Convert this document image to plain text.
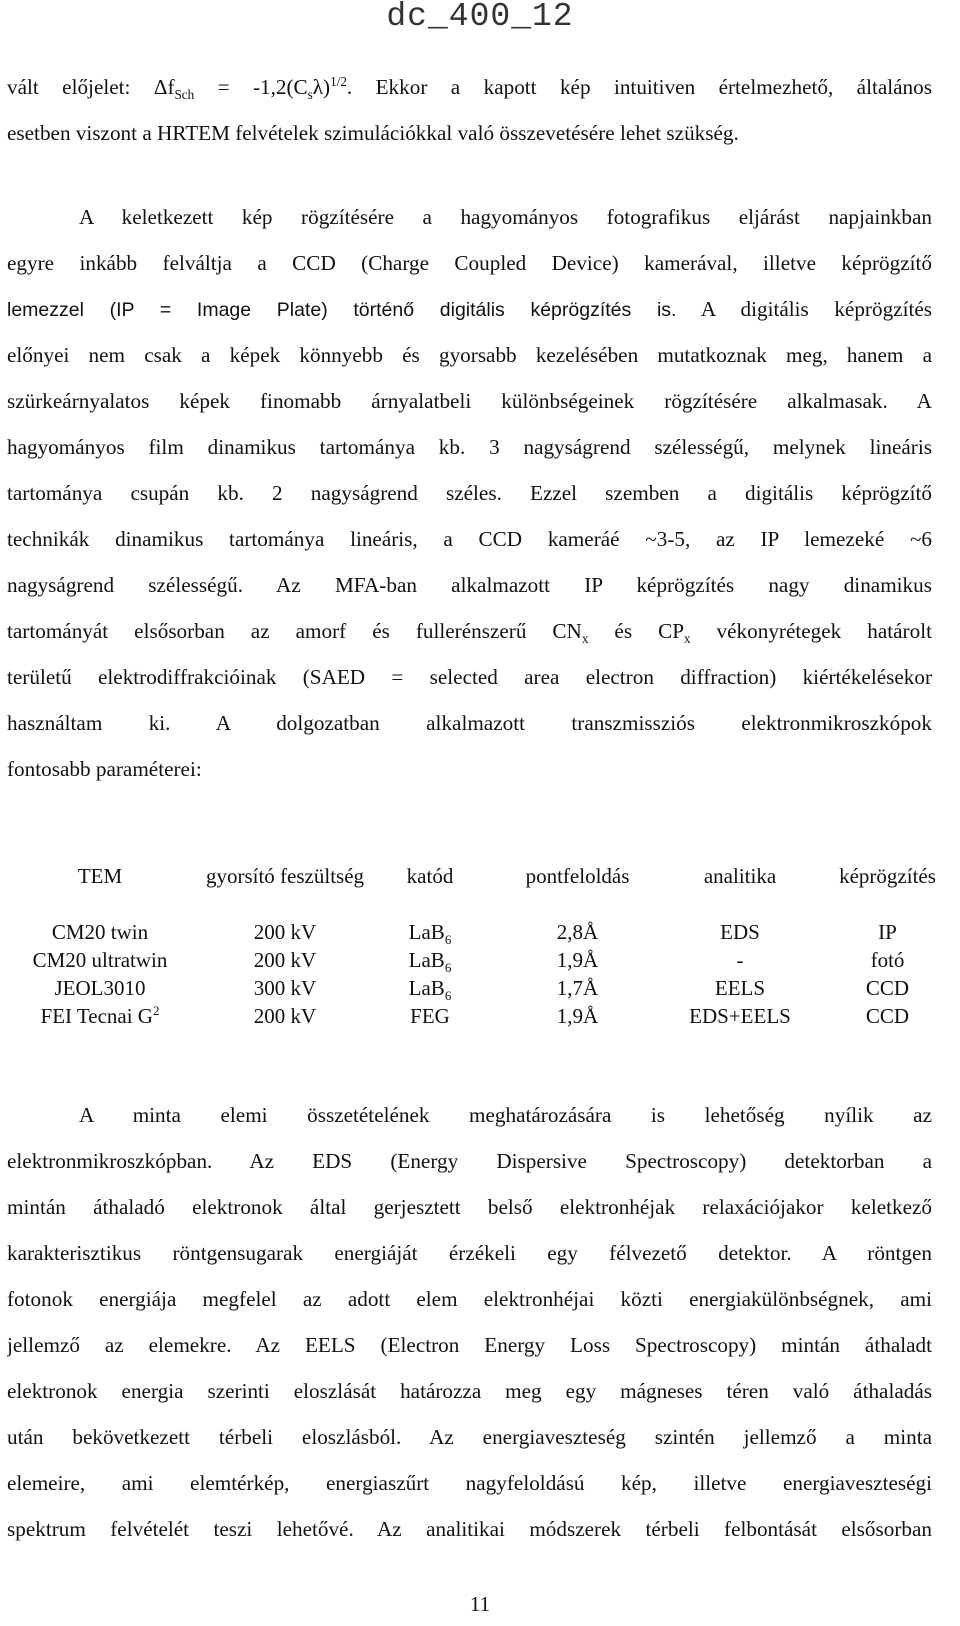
dc_400_12
vált előjelet: $\Delta f_{Sch} = -1,2(C_s\lambda)^{1/2}$. Ekkor a kapott kép intuitiven értelmezhető, általános
esetben viszont a HRTEM felvételek szimulációkkal való összevetésére lehet szükség.
A keletkezett kép rögzítésére a hagyományos fotografikus eljárást napjainkban
egyre inkább felváltja a CCD (Charge Coupled Device) kamerával, illetve képrögzítő
lemezzel (IP = Image Plate) történő digitális képrögzítés is. A digitális képrögzítés
előnyei nem csak a képek könnyebb és gyorsabb kezelésében mutatkoznak meg, hanem a
szürkeárnyalatos képek finomabb árnyalatbeli különbségeinek rögzítésére alkalmasak. A
hagyományos film dinamikus tartománya kb. 3 nagyságrend szélességű, melynek lineáris
tartománya csupán kb. 2 nagyságrend széles. Ezzel szemben a digitális képrögzítő
technikák dinamikus tartománya lineáris, a CCD kameráé ~3-5, az IP lemezeké ~6
nagyságrend szélességű. Az MFA-ban alkalmazott IP képrögzítés nagy dinamikus
tartományát elsősorban az amorf és fullerénszerű $CN_x$ és $CP_x$ vékonyrétegek határolt
területű elektrodiffrakcióinak (SAED = selected area electron diffraction) kiértékelésekor
használtam ki. A dolgozatban alkalmazott transzmissziós elektronmikroszkópok
fontosabb paraméterei:
TEM	gyorsító feszültség	katód	pontfeloldás	analitika	képrögzítés
CM20 twin	200 kV	LaB$_6$	2,8Å	EDS	IP
CM20 ultratwin	200 kV	LaB$_6$	1,9Å	-	fotó
JEOL3010	300 kV	LaB$_6$	1,7Å	EELS	CCD
FEI Tecnai $G^2$	200 kV	FEG	1,9Å	EDS+EELS	CCD
A minta elemi összetételének meghatározására is lehetőség nyílik az
elektronmikroszkópban. Az EDS (Energy Dispersive Spectroscopy) detektorban a
mintán áthaladó elektronok által gerjesztett belső elektronhéjak relaxációjakor keletkező
karakterisztikus röntgensugarak energiáját érzékeli egy félvezető detektor. A röntgen
fotonok energiája megfelel az adott elem elektronhéjai közti energiakülönbségnek, ami
jellemző az elemekre. Az EELS (Electron Energy Loss Spectroscopy) mintán áthaladt
elektronok energia szerinti eloszlását határozza meg egy mágneses téren való áthaladás
után bekövetkezett térbeli eloszlásból. Az energiaveszteség szintén jellemző a minta
elemeire, ami elemtérkép, energiaszűrt nagyfeloldású kép, illetve energiaveszteségi
spektrum felvételét teszi lehetővé. Az analitikai módszerek térbeli felbontását elsősorban
11
